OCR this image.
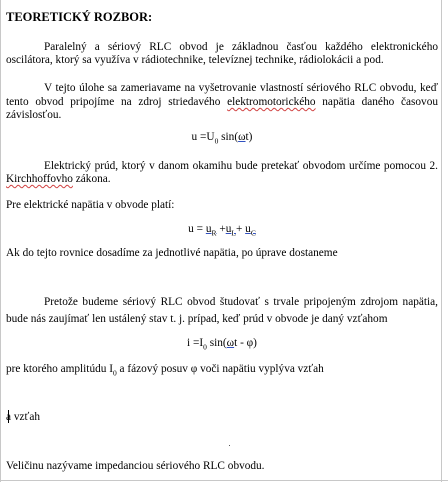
TEORETICKÝ ROZBOR:
Paralelný a sériový RLC obvod je základnou časťou každého elektronického
oscilátora, ktorý sa využíva v rádiotechnike, televíznej technike, rádiolokácii a pod.
V tejto úlohe sa zameriavame na vyšetrovanie vlastností sériového RLC obvodu, keď
tento obvod pripojíme na zdroj striedavého elektromotorického napätia daného časovou
závislosťou.
$u =U_0$ sin(ωt)
Elektrický prúd, ktorý v danom okamihu bude pretekať obvodom určíme pomocou 2.
Kirchhoffovho zákona.
Pre elektrické napätia v obvode platí:
$u = u_R +u_L+ u_C$
Ak do tejto rovnice dosadíme za jednotlivé napätia, po úprave dostaneme
Pretože budeme sériový RLC obvod študovať s trvale pripojeným zdrojom napätia,
bude nás zaujímať len ustálený stav t. j. prípad, keď prúd v obvode je daný vzťahom
$i =I_0$ sin(ωt - φ)
pre ktorého amplitúdu $I_0$ a fázový posuv φ voči napätiu vyplýva vzťah
a vzťah
Veličinu nazývame impedanciou sériového RLC obvodu.
